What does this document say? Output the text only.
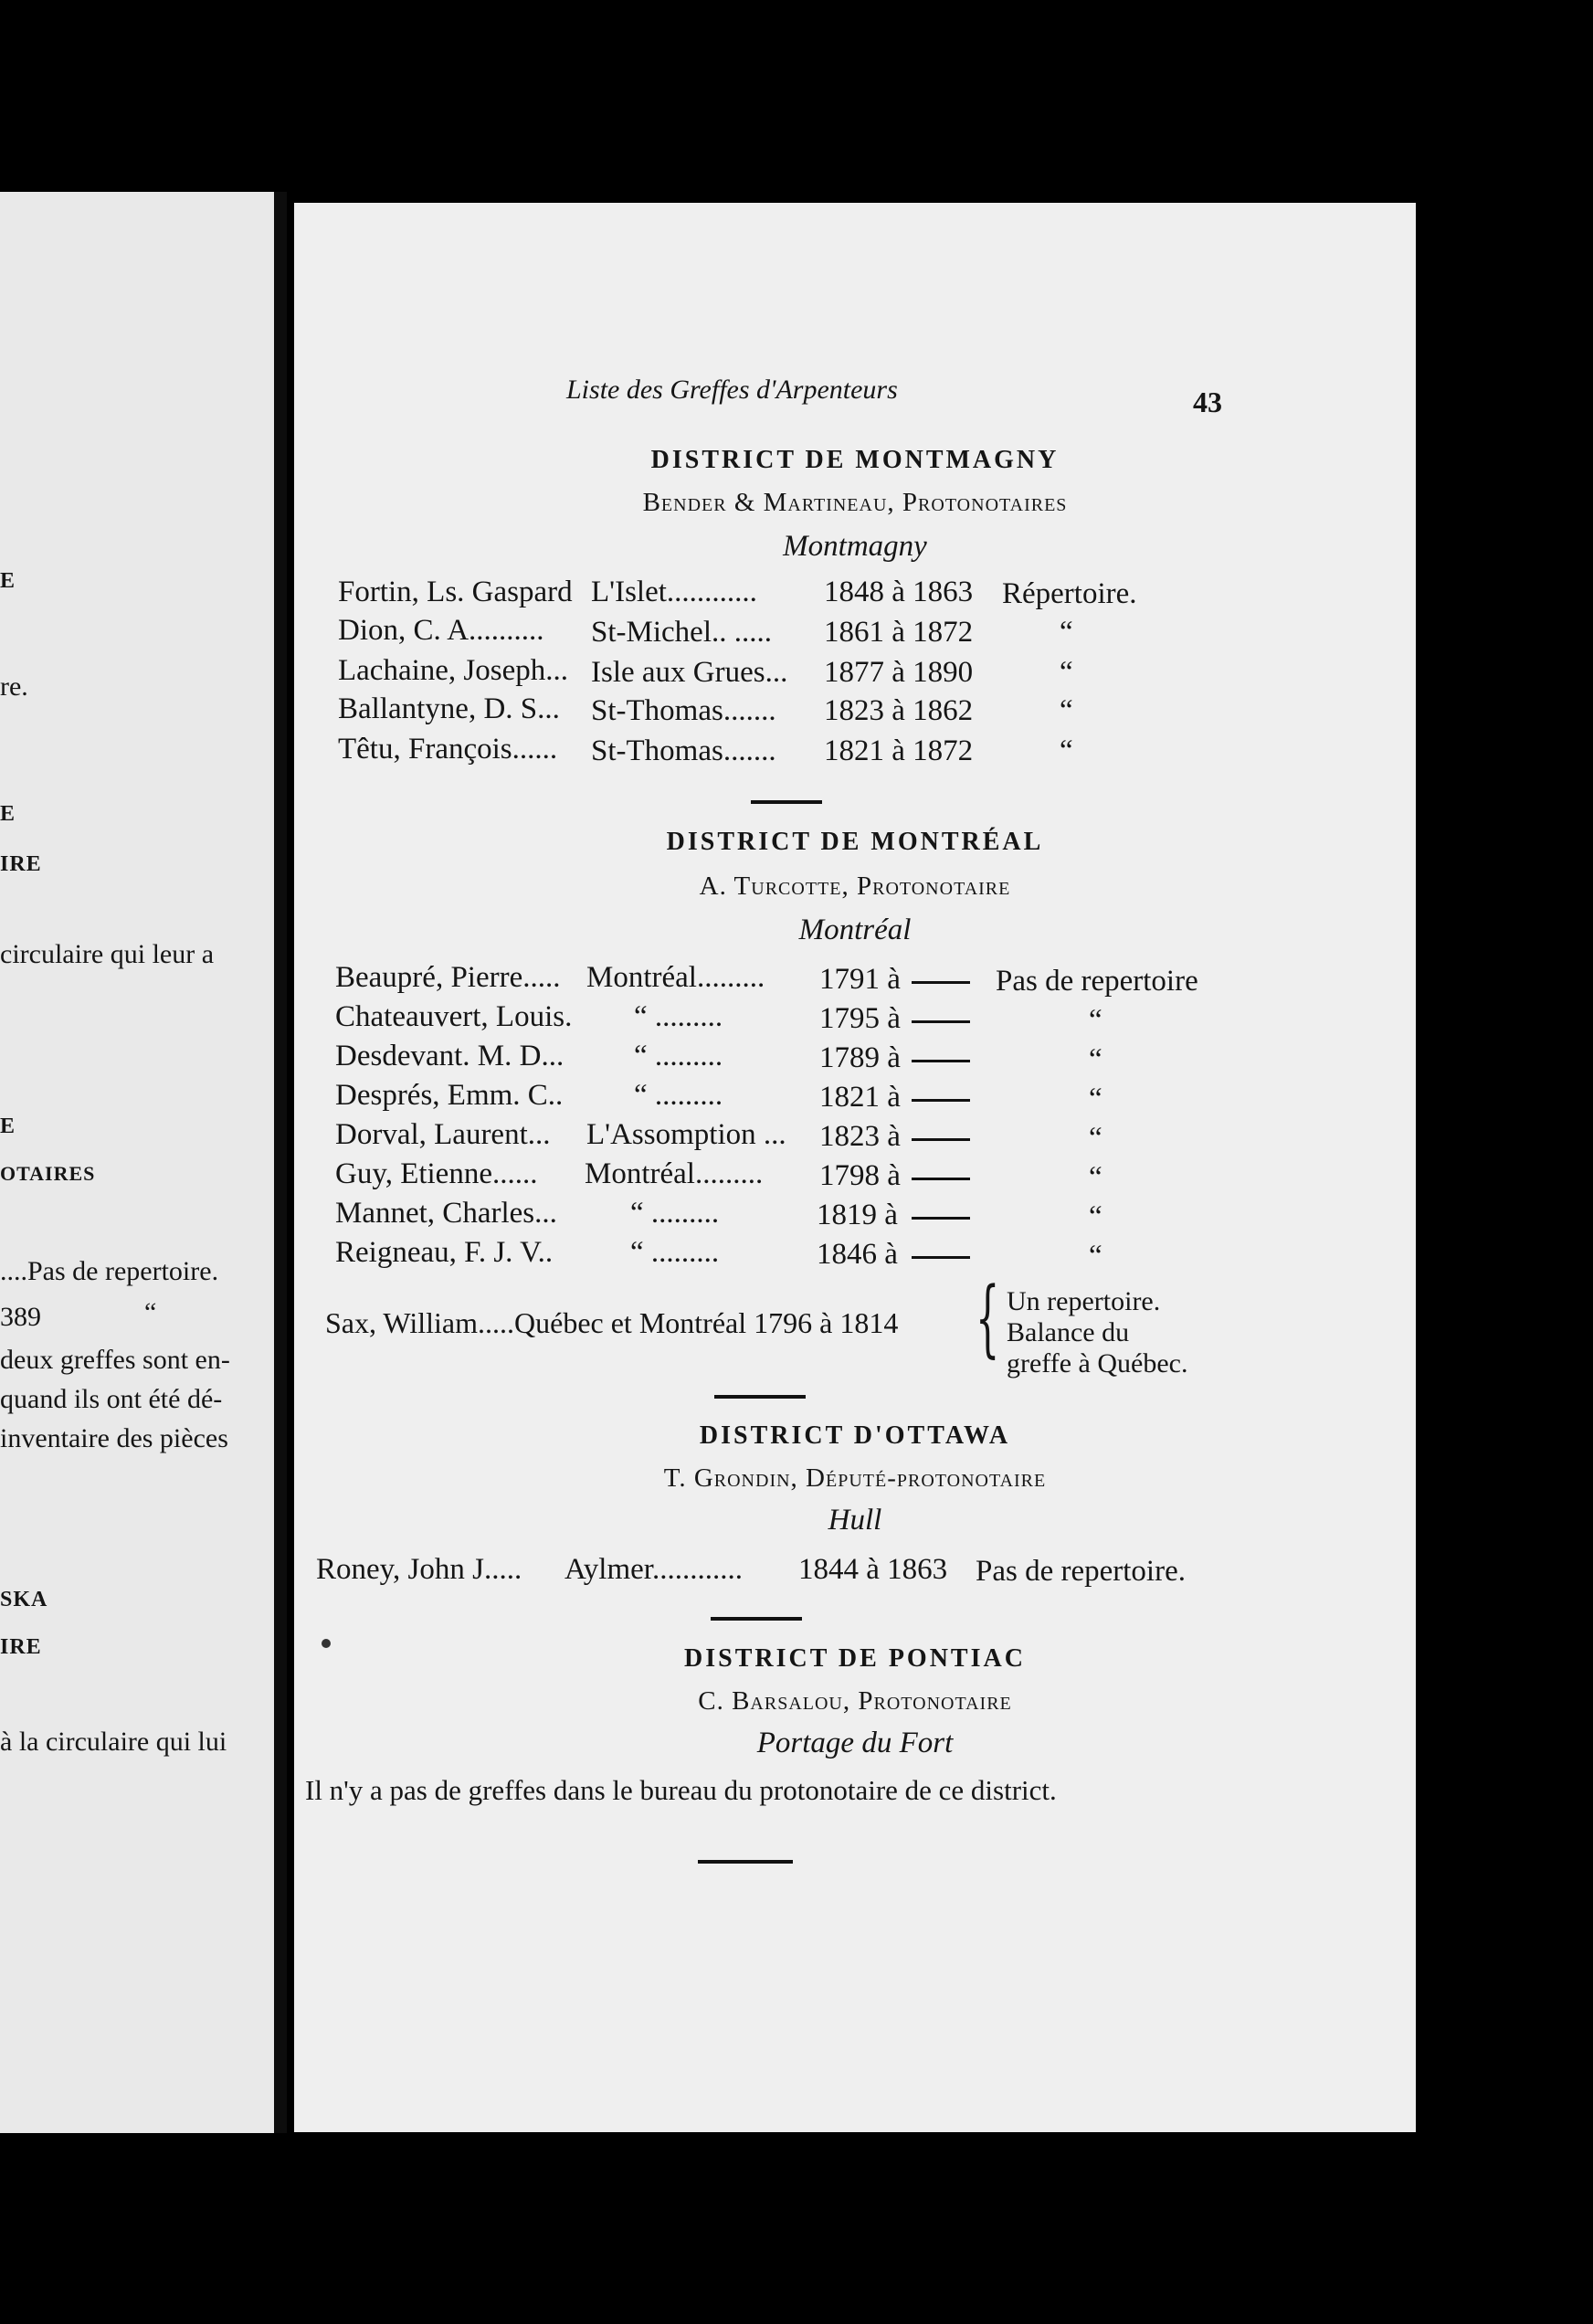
E
re.
E
IRE
circulaire qui leur a
E
OTAIRES
....Pas de repertoire.
389	“
deux greffes sont en-
quand ils ont été dé-
inventaire des pièces
SKA
IRE
à la circulaire qui lui
Liste des Greffes d'Arpenteurs	43
DISTRICT DE MONTMAGNY
Bender & Martineau, Protonotaires
Montmagny
Fortin, Ls. Gaspard L'Islet............ 1848 à 1863 Répertoire.
Dion, C. A.......... St-Michel.. ..... 1861 à 1872	“
Lachaine, Joseph... Isle aux Grues... 1877 à 1890	“
Ballantyne, D. S... St-Thomas....... 1823 à 1862	“
Têtu, François...... St-Thomas....... 1821 à 1872	“
DISTRICT DE MONTRÉAL
A. Turcotte, Protonotaire
Montréal
Beaupré, Pierre..... Montréal......... 1791 à	Pas de repertoire
Chateauvert, Louis. “ .........	1795 à	“
Desdevant. M. D... “ .........	1789 à	“
Després, Emm. C.. “ .........	1821 à	“
Dorval, Laurent... L'Assomption ... 1823 à	“
Guy, Etienne...... Montréal......... 1798 à	“
Mannet, Charles... “ .........	1819 à	“
Reigneau, F. J. V..	“ .........	1846 à	“
Sax, William.....Québec et Montréal 1796 à 1814 { Un repertoire.
Balance du
greffe à Québec.
DISTRICT D'OTTAWA
T. Grondin, Député-protonotaire
Hull
Roney, John J..... Aylmer............ 1844 à 1863 Pas de repertoire.
DISTRICT DE PONTIAC
C. Barsalou, Protonotaire
Portage du Fort
Il n'y a pas de greffes dans le bureau du protonotaire de ce district.
